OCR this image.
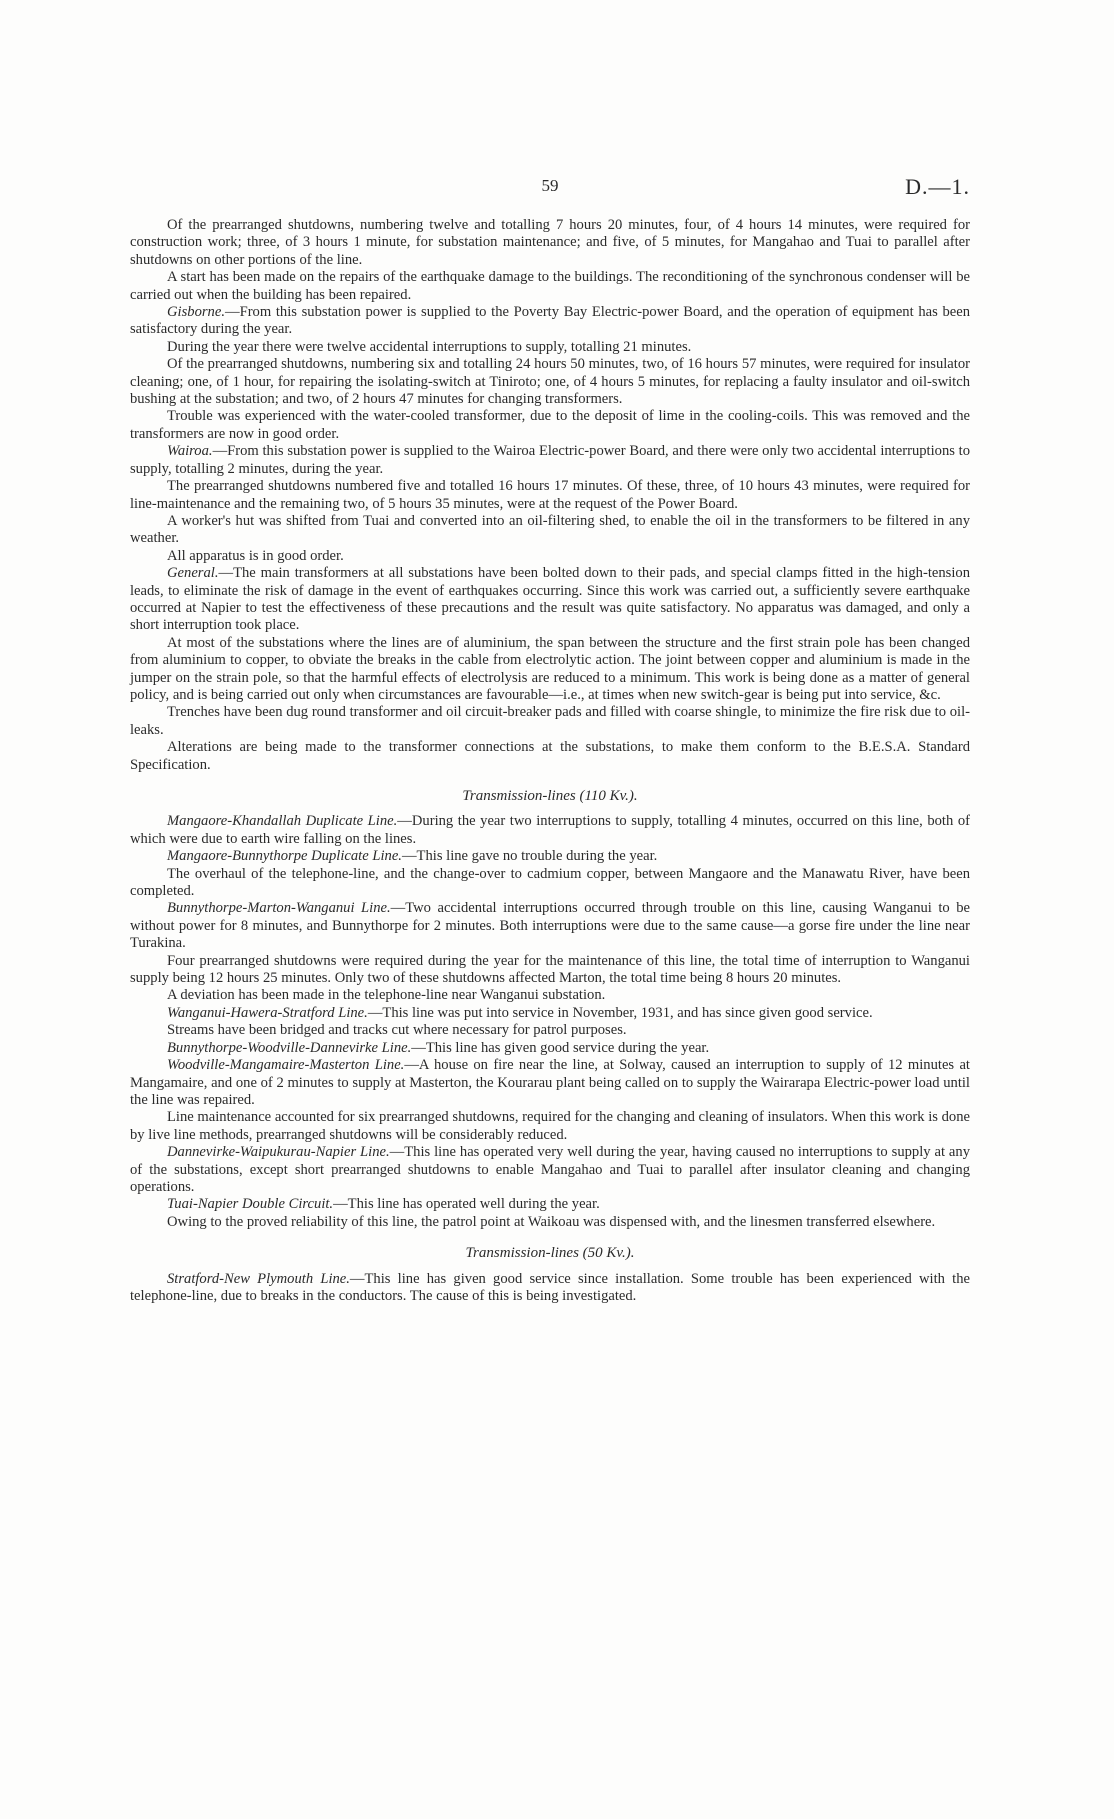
59	D.—1.

Of the prearranged shutdowns, numbering twelve and totalling 7 hours 20 minutes, four, of 4 hours 14 minutes, were required for construction work; three, of 3 hours 1 minute, for substation maintenance; and five, of 5 minutes, for Mangahao and Tuai to parallel after shutdowns on other portions of the line.

A start has been made on the repairs of the earthquake damage to the buildings. The reconditioning of the synchronous condenser will be carried out when the building has been repaired.

Gisborne.—From this substation power is supplied to the Poverty Bay Electric-power Board, and the operation of equipment has been satisfactory during the year.

During the year there were twelve accidental interruptions to supply, totalling 21 minutes.

Of the prearranged shutdowns, numbering six and totalling 24 hours 50 minutes, two, of 16 hours 57 minutes, were required for insulator cleaning; one, of 1 hour, for repairing the isolating-switch at Tiniroto; one, of 4 hours 5 minutes, for replacing a faulty insulator and oil-switch bushing at the substation; and two, of 2 hours 47 minutes for changing transformers.

Trouble was experienced with the water-cooled transformer, due to the deposit of lime in the cooling-coils. This was removed and the transformers are now in good order.

Wairoa.—From this substation power is supplied to the Wairoa Electric-power Board, and there were only two accidental interruptions to supply, totalling 2 minutes, during the year.

The prearranged shutdowns numbered five and totalled 16 hours 17 minutes. Of these, three, of 10 hours 43 minutes, were required for line-maintenance and the remaining two, of 5 hours 35 minutes, were at the request of the Power Board.

A worker's hut was shifted from Tuai and converted into an oil-filtering shed, to enable the oil in the transformers to be filtered in any weather.

All apparatus is in good order.

General.—The main transformers at all substations have been bolted down to their pads, and special clamps fitted in the high-tension leads, to eliminate the risk of damage in the event of earthquakes occurring. Since this work was carried out, a sufficiently severe earthquake occurred at Napier to test the effectiveness of these precautions and the result was quite satisfactory. No apparatus was damaged, and only a short interruption took place.

At most of the substations where the lines are of aluminium, the span between the structure and the first strain pole has been changed from aluminium to copper, to obviate the breaks in the cable from electrolytic action. The joint between copper and aluminium is made in the jumper on the strain pole, so that the harmful effects of electrolysis are reduced to a minimum. This work is being done as a matter of general policy, and is being carried out only when circumstances are favourable—i.e., at times when new switch-gear is being put into service, &c.

Trenches have been dug round transformer and oil circuit-breaker pads and filled with coarse shingle, to minimize the fire risk due to oil-leaks.

Alterations are being made to the transformer connections at the substations, to make them conform to the B.E.S.A. Standard Specification.

Transmission-lines (110 Kv.).

Mangaore-Khandallah Duplicate Line.—During the year two interruptions to supply, totalling 4 minutes, occurred on this line, both of which were due to earth wire falling on the lines.

Mangaore-Bunnythorpe Duplicate Line.—This line gave no trouble during the year.

The overhaul of the telephone-line, and the change-over to cadmium copper, between Mangaore and the Manawatu River, have been completed.

Bunnythorpe-Marton-Wanganui Line.—Two accidental interruptions occurred through trouble on this line, causing Wanganui to be without power for 8 minutes, and Bunnythorpe for 2 minutes. Both interruptions were due to the same cause—a gorse fire under the line near Turakina.

Four prearranged shutdowns were required during the year for the maintenance of this line, the total time of interruption to Wanganui supply being 12 hours 25 minutes. Only two of these shutdowns affected Marton, the total time being 8 hours 20 minutes.

A deviation has been made in the telephone-line near Wanganui substation.

Wanganui-Hawera-Stratford Line.—This line was put into service in November, 1931, and has since given good service.

Streams have been bridged and tracks cut where necessary for patrol purposes.

Bunnythorpe-Woodville-Dannevirke Line.—This line has given good service during the year.

Woodville-Mangamaire-Masterton Line.—A house on fire near the line, at Solway, caused an interruption to supply of 12 minutes at Mangamaire, and one of 2 minutes to supply at Masterton, the Kourarau plant being called on to supply the Wairarapa Electric-power load until the line was repaired.

Line maintenance accounted for six prearranged shutdowns, required for the changing and cleaning of insulators. When this work is done by live line methods, prearranged shutdowns will be considerably reduced.

Dannevirke-Waipukurau-Napier Line.—This line has operated very well during the year, having caused no interruptions to supply at any of the substations, except short prearranged shutdowns to enable Mangahao and Tuai to parallel after insulator cleaning and changing operations.

Tuai-Napier Double Circuit.—This line has operated well during the year.

Owing to the proved reliability of this line, the patrol point at Waikoau was dispensed with, and the linesmen transferred elsewhere.

Transmission-lines (50 Kv.).

Stratford-New Plymouth Line.—This line has given good service since installation. Some trouble has been experienced with the telephone-line, due to breaks in the conductors. The cause of this is being investigated.
